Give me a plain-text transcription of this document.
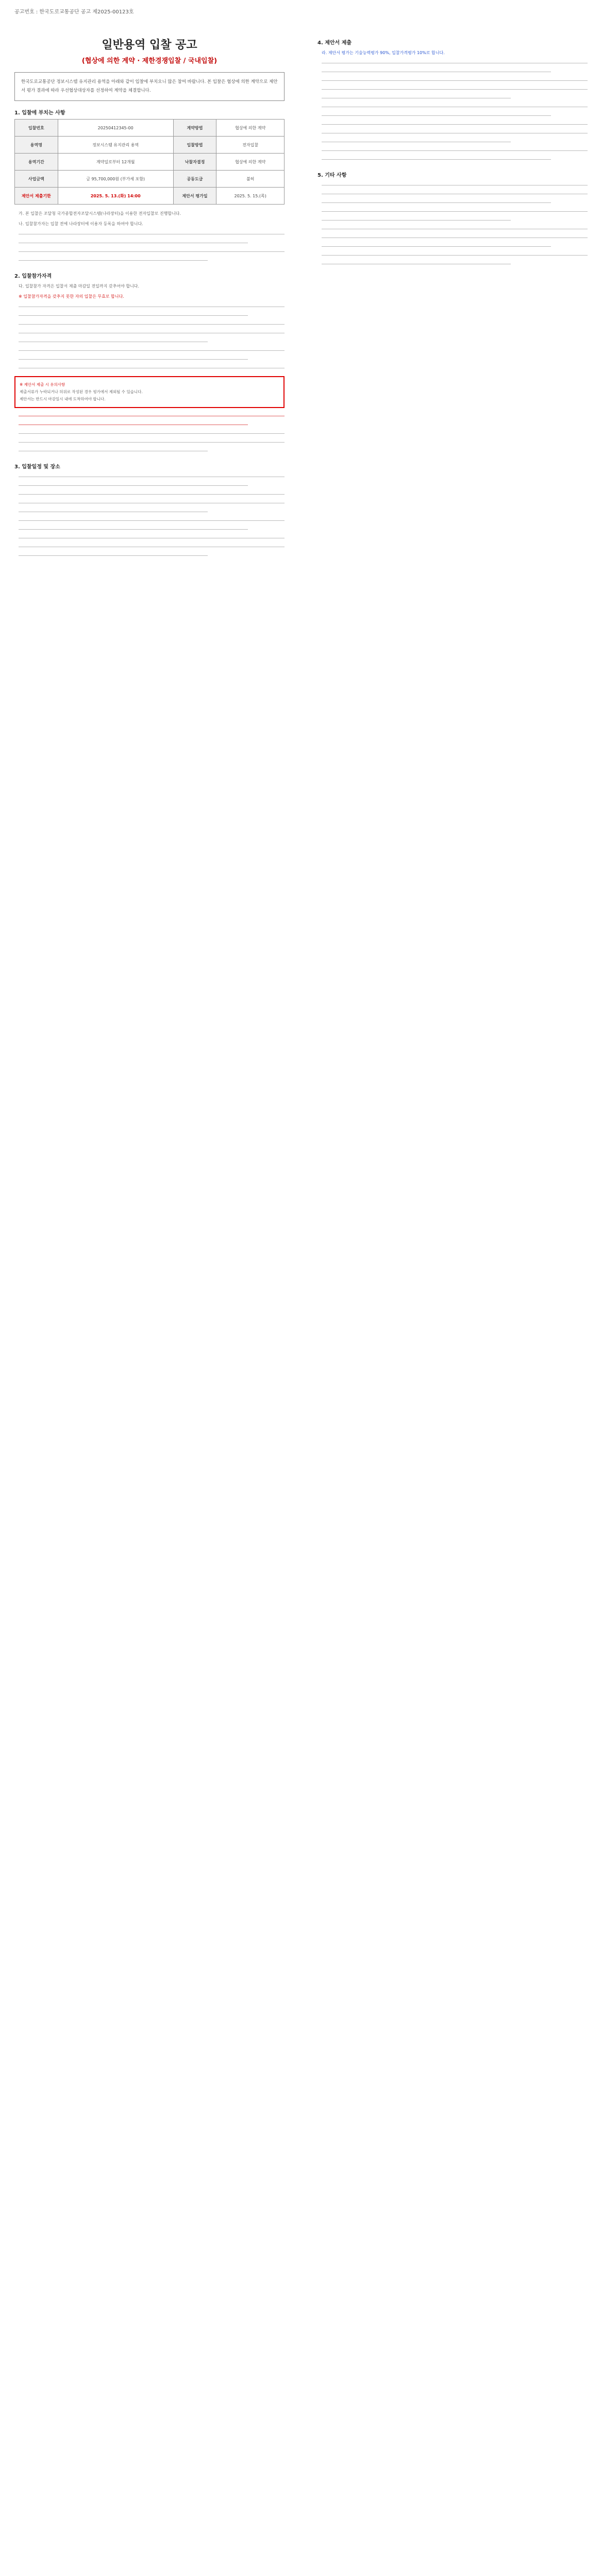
공고번호 : 한국도로교통공단 공고 제2025-00123호
일반용역 입찰 공고
(협상에 의한 계약 · 제한경쟁입찰 / 국내입찰)
한국도로교통공단 정보시스템 유지관리 용역을 아래와 같이 입찰에 부치오니 많은 참여 바랍니다. 본 입찰은 협상에 의한 계약으로 제안서 평가 결과에 따라 우선협상대상자를 선정하여 계약을 체결합니다.
1. 입찰에 부치는 사항
입찰번호	20250412345-00	계약방법	협상에 의한 계약
용역명	정보시스템 유지관리 용역	입찰방법	전자입찰
용역기간	계약일로부터 12개월	낙찰자결정	협상에 의한 계약
사업금액	금 95,700,000원 (부가세 포함)	공동도급	불허
제안서 제출기한	2025. 5. 13.(화) 14:00	제안서 평가일	2025. 5. 15.(목)

가. 본 입찰은 조달청 국가종합전자조달시스템(나라장터)을 이용한 전자입찰로 진행합니다.

나. 입찰참가자는 입찰 전에 나라장터에 이용자 등록을 하여야 합니다.

2. 입찰참가자격

다. 입찰참가 자격은 입찰서 제출 마감일 전일까지 갖추어야 합니다.

※ 입찰참가자격을 갖추지 못한 자의 입찰은 무효로 합니다.

※ 제안서 제출 시 유의사항

제출서류가 누락되거나 허위로 작성된 경우 평가에서 제외될 수 있습니다.

제안서는 반드시 마감일시 내에 도착하여야 합니다.

3. 입찰일정 및 장소
4. 제안서 제출

라. 제안서 평가는 기술능력평가 90%, 입찰가격평가 10%로 합니다.

5. 기타 사항
